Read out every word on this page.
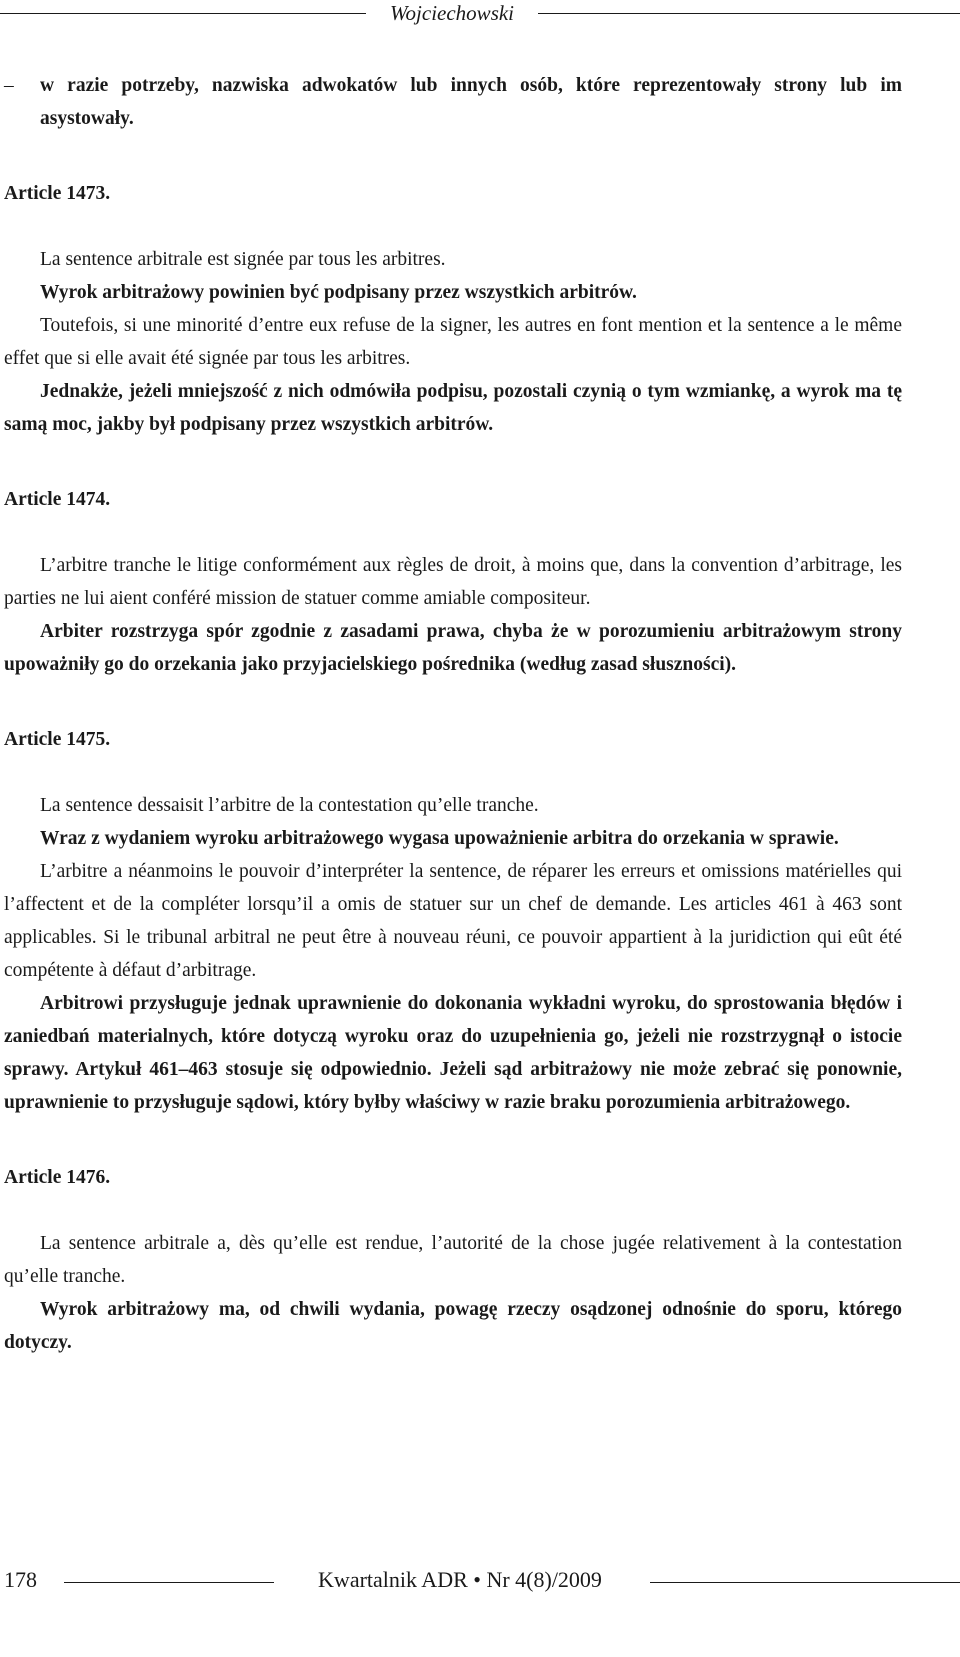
Wojciechowski

– w razie potrzeby, nazwiska adwokatów lub innych osób, które reprezentowały strony lub im asystowały.

Article 1473.

La sentence arbitrale est signée par tous les arbitres.

Wyrok arbitrażowy powinien być podpisany przez wszystkich arbitrów.

Toutefois, si une minorité d’entre eux refuse de la signer, les autres en font mention et la sentence a le même effet que si elle avait été signée par tous les arbitres.

Jednakże, jeżeli mniejszość z nich odmówiła podpisu, pozostali czynią o tym wzmiankę, a wyrok ma tę samą moc, jakby był podpisany przez wszystkich arbitrów.

Article 1474.

L’arbitre tranche le litige conformément aux règles de droit, à moins que, dans la convention d’arbitrage, les parties ne lui aient conféré mission de statuer comme amiable compositeur.

Arbiter rozstrzyga spór zgodnie z zasadami prawa, chyba że w porozumieniu arbitrażowym strony upoważniły go do orzekania jako przyjacielskiego pośrednika (według zasad słuszności).

Article 1475.

La sentence dessaisit l’arbitre de la contestation qu’elle tranche.

Wraz z wydaniem wyroku arbitrażowego wygasa upoważnienie arbitra do orzekania w sprawie.

L’arbitre a néanmoins le pouvoir d’interpréter la sentence, de réparer les erreurs et omissions matérielles qui l’affectent et de la compléter lorsqu’il a omis de statuer sur un chef de demande. Les articles 461 à 463 sont applicables. Si le tribunal arbitral ne peut être à nouveau réuni, ce pouvoir appartient à la juridiction qui eût été compétente à défaut d’arbitrage.

Arbitrowi przysługuje jednak uprawnienie do dokonania wykładni wyroku, do sprostowania błędów i zaniedbań materialnych, które dotyczą wyroku oraz do uzupełnienia go, jeżeli nie rozstrzygnął o istocie sprawy. Artykuł 461–463 stosuje się odpowiednio. Jeżeli sąd arbitrażowy nie może zebrać się ponownie, uprawnienie to przysługuje sądowi, który byłby właściwy w razie braku porozumienia arbitrażowego.

Article 1476.

La sentence arbitrale a, dès qu’elle est rendue, l’autorité de la chose jugée relativement à la contestation qu’elle tranche.

Wyrok arbitrażowy ma, od chwili wydania, powagę rzeczy osądzonej odnośnie do sporu, którego dotyczy.

178	Kwartalnik ADR • Nr 4(8)/2009
